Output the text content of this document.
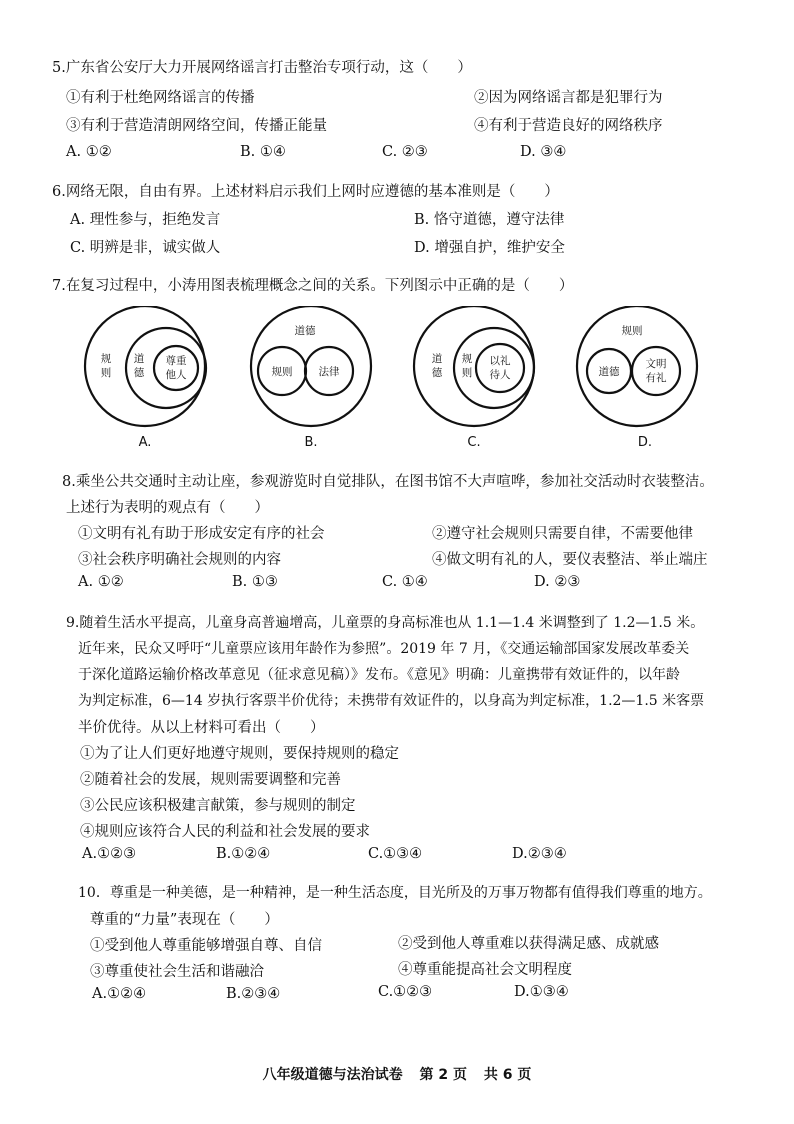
5.广东省公安厅大力开展网络谣言打击整治专项行动，这（　　）
①有利于杜绝网络谣言的传播	②因为网络谣言都是犯罪行为
③有利于营造清朗网络空间，传播正能量	④有利于营造良好的网络秩序
A. ①②	B. ①④	C. ②③	D. ③④
6.网络无限，自由有界。上述材料启示我们上网时应遵德的基本准则是（　　）
A. 理性参与，拒绝发言	B. 恪守道德，遵守法律
C. 明辨是非，诚实做人	D. 增强自护，维护安全
7.在复习过程中，小涛用图表梳理概念之间的关系。下列图示中正确的是（　　）
规
则
道
德
尊重
他人
道德
规则 法律
道
德
规
则
以礼
待人
规则
道德
文明
有礼
A.	B.	C.	D.
8.乘坐公共交通时主动让座，参观游览时自觉排队，在图书馆不大声喧哗，参加社交活动时衣装整洁。
上述行为表明的观点有（　　）
①文明有礼有助于形成安定有序的社会	②遵守社会规则只需要自律，不需要他律
③社会秩序明确社会规则的内容	④做文明有礼的人，要仪表整洁、举止端庄
A. ①②	B. ①③	C. ①④	D. ②③
9.随着生活水平提高，儿童身高普遍增高，儿童票的身高标准也从 1.1—1.4 米调整到了 1.2—1.5 米。
近年来，民众又呼吁“儿童票应该用年龄作为参照”。2019 年 7 月，《交通运输部国家发展改革委关
于深化道路运输价格改革意见（征求意见稿）》发布。《意见》明确：儿童携带有效证件的，以年龄
为判定标准，6—14 岁执行客票半价优待；未携带有效证件的，以身高为判定标准，1.2—1.5 米客票
半价优待。从以上材料可看出（　　）
①为了让人们更好地遵守规则，要保持规则的稳定
②随着社会的发展，规则需要调整和完善
③公民应该积极建言献策，参与规则的制定
④规则应该符合人民的利益和社会发展的要求
A.①②③	B.①②④	C.①③④	D.②③④
10．尊重是一种美德，是一种精神，是一种生活态度，目光所及的万事万物都有值得我们尊重的地方。
尊重的“力量”表现在（　　）
①受到他人尊重能够增强自尊、自信	②受到他人尊重难以获得满足感、成就感
③尊重使社会生活和谐融洽	④尊重能提高社会文明程度
A.①②④	B.②③④	C.①②③	D.①③④
八年级道德与法治试卷 第 2 页 共 6 页
